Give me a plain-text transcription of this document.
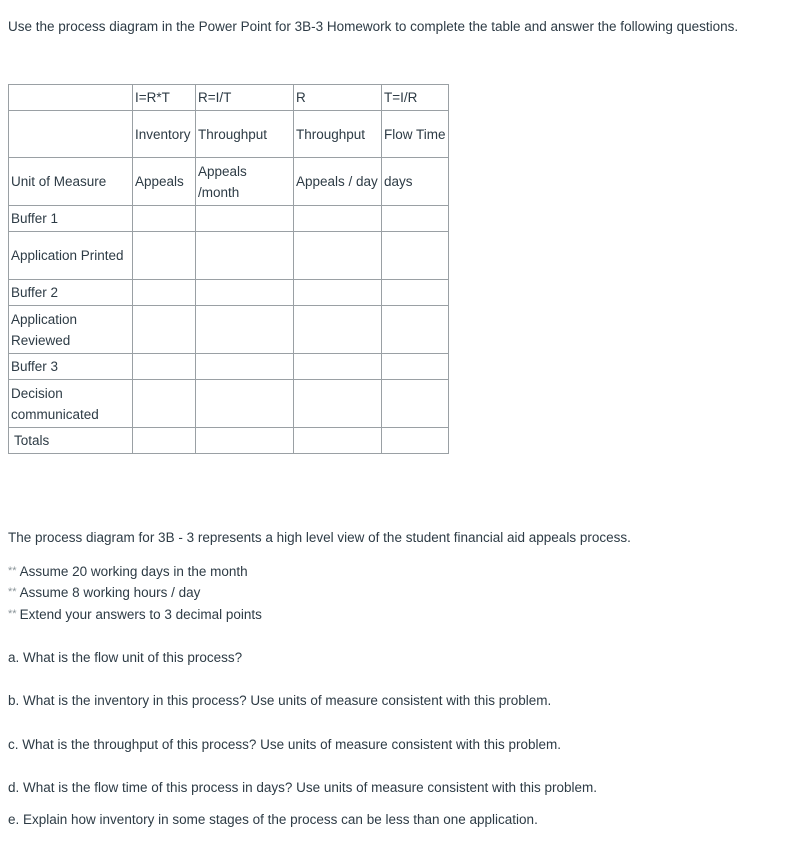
Use the process diagram in the Power Point for 3B-3 Homework to complete the table and answer the following questions.
	I=R*T	R=I/T	R	T=I/R
	Inventory	Throughput	Throughput	Flow Time
Unit of Measure	Appeals	Appeals /month	Appeals / day	days
Buffer 1				
Application Printed				
Buffer 2				
Application Reviewed				
Buffer 3				
Decision communicated				
Totals				
The process diagram for 3B - 3 represents a high level view of the student financial aid appeals process.
** Assume 20 working days in the month
** Assume 8 working hours / day
** Extend your answers to 3 decimal points
a. What is the flow unit of this process?
b. What is the inventory in this process? Use units of measure consistent with this problem.
c. What is the throughput of this process? Use units of measure consistent with this problem.
d. What is the flow time of this process in days? Use units of measure consistent with this problem.
e. Explain how inventory in some stages of the process can be less than one application.
